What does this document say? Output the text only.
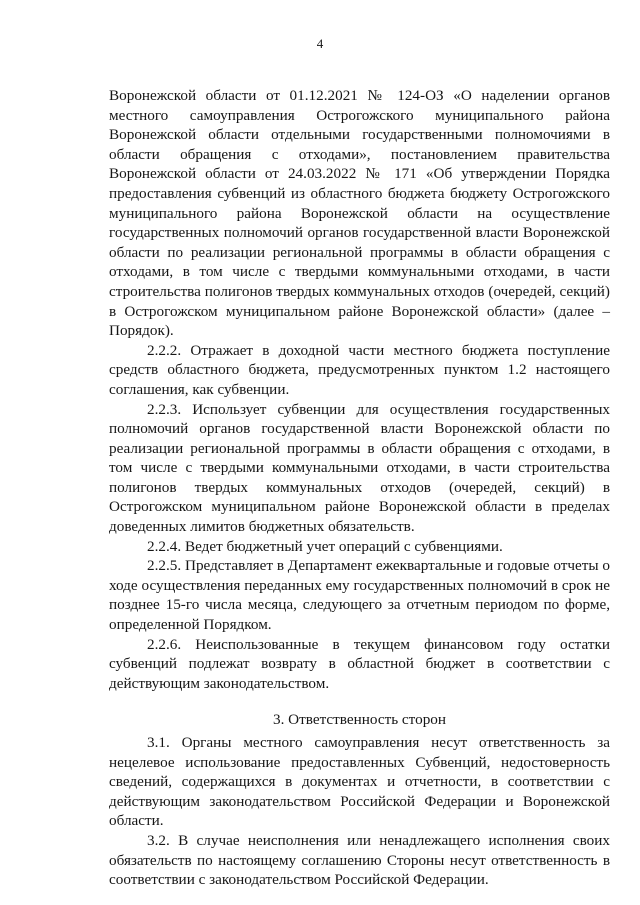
4

Воронежской области от 01.12.2021 № 124-ОЗ «О наделении органов местного самоуправления Острогожского муниципального района Воронежской области отдельными государственными полномочиями в области обращения с отходами», постановлением правительства Воронежской области от 24.03.2022 № 171 «Об утверждении Порядка предоставления субвенций из областного бюджета бюджету Острогожского муниципального района Воронежской области на осуществление государственных полномочий органов государственной власти Воронежской области по реализации региональной программы в области обращения с отходами, в том числе с твердыми коммунальными отходами, в части строительства полигонов твердых коммунальных отходов (очередей, секций) в Острогожском муниципальном районе Воронежской области» (далее – Порядок).

2.2.2. Отражает в доходной части местного бюджета поступление средств областного бюджета, предусмотренных пунктом 1.2 настоящего соглашения, как субвенции.

2.2.3. Использует субвенции для осуществления государственных полномочий органов государственной власти Воронежской области по реализации региональной программы в области обращения с отходами, в том числе с твердыми коммунальными отходами, в части строительства полигонов твердых коммунальных отходов (очередей, секций) в Острогожском муниципальном районе Воронежской области в пределах доведенных лимитов бюджетных обязательств.

2.2.4. Ведет бюджетный учет операций с субвенциями.

2.2.5. Представляет в Департамент ежеквартальные и годовые отчеты о ходе осуществления переданных ему государственных полномочий в срок не позднее 15-го числа месяца, следующего за отчетным периодом по форме, определенной Порядком.

2.2.6. Неиспользованные в текущем финансовом году остатки субвенций подлежат возврату в областной бюджет в соответствии с действующим законодательством.

3. Ответственность сторон

3.1. Органы местного самоуправления несут ответственность за нецелевое использование предоставленных Субвенций, недостоверность сведений, содержащихся в документах и отчетности, в соответствии с действующим законодательством Российской Федерации и Воронежской области.

3.2. В случае неисполнения или ненадлежащего исполнения своих обязательств по настоящему соглашению Стороны несут ответственность в соответствии с законодательством Российской Федерации.
